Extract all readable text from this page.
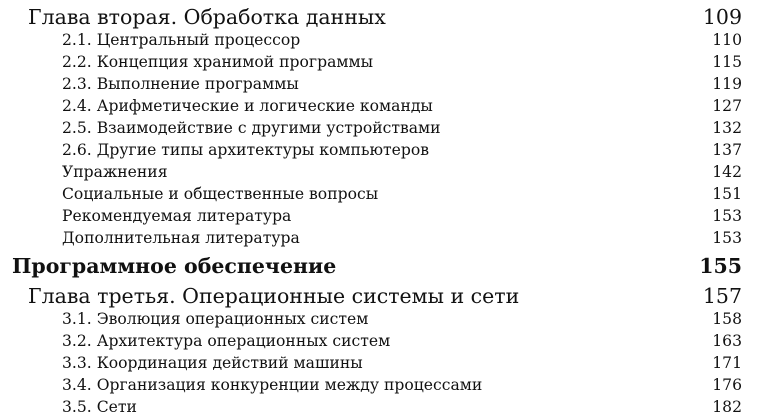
Глава вторая. Обработка данных	109
2.1. Центральный процессор	110
2.2. Концепция хранимой программы	115
2.3. Выполнение программы	119
2.4. Арифметические и логические команды	127
2.5. Взаимодействие с другими устройствами	132
2.6. Другие типы архитектуры компьютеров	137
Упражнения	142
Социальные и общественные вопросы	151
Рекомендуемая литература	153
Дополнительная литература	153
Программное обеспечение	155
Глава третья. Операционные системы и сети	157
3.1. Эволюция операционных систем	158
3.2. Архитектура операционных систем	163
3.3. Координация действий машины	171
3.4. Организация конкуренции между процессами	176
3.5. Сети	182
